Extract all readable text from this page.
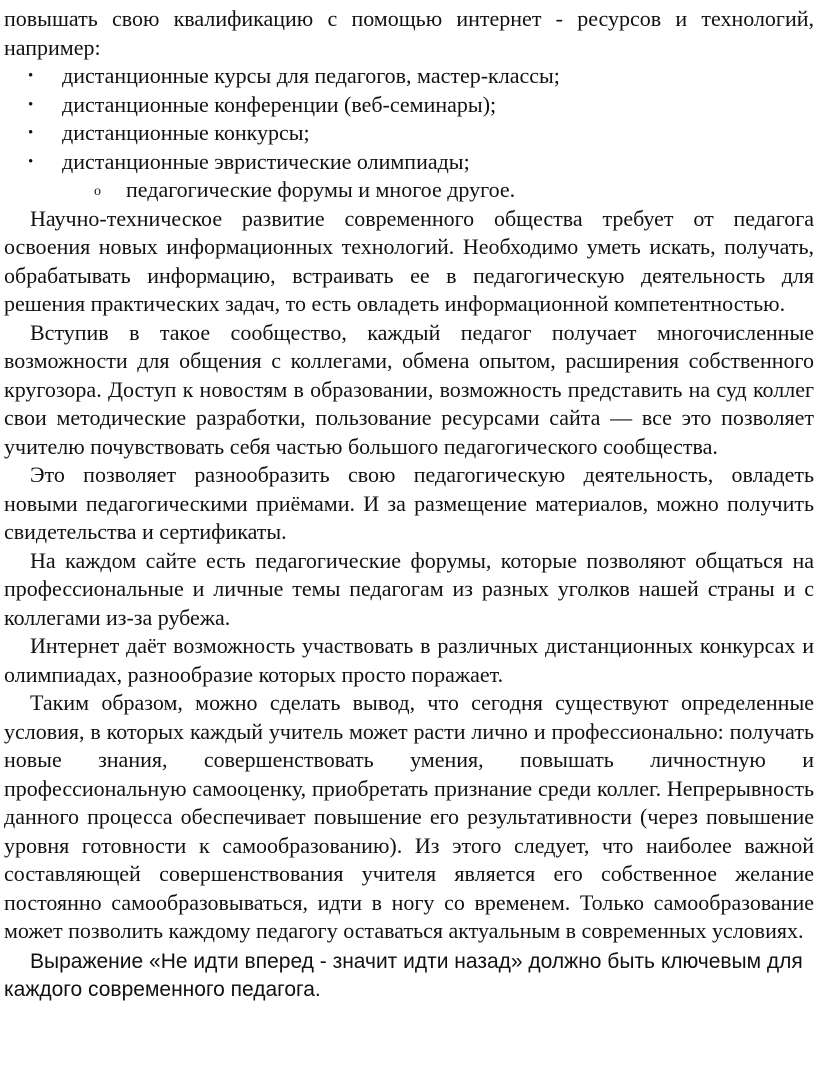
повышать свою квалификацию с помощью интернет - ресурсов и технологий, например:

• дистанционные курсы для педагогов, мастер-классы;
• дистанционные конференции (веб-семинары);
• дистанционные конкурсы;
• дистанционные эвристические олимпиады;
o педагогические форумы и многое другое.

Научно-техническое развитие современного общества требует от педагога освоения новых информационных технологий. Необходимо уметь искать, получать, обрабатывать информацию, встраивать ее в педагогическую деятельность для решения практических задач, то есть овладеть информационной компетентностью.

Вступив в такое сообщество, каждый педагог получает многочисленные возможности для общения с коллегами, обмена опытом, расширения собственного кругозора. Доступ к новостям в образовании, возможность представить на суд коллег свои методические разработки, пользование ресурсами сайта — все это позволяет учителю почувствовать себя частью большого педагогического сообщества.

Это позволяет разнообразить свою педагогическую деятельность, овладеть новыми педагогическими приёмами. И за размещение материалов, можно получить свидетельства и сертификаты.

На каждом сайте есть педагогические форумы, которые позволяют общаться на профессиональные и личные темы педагогам из разных уголков нашей страны и с коллегами из-за рубежа.

Интернет даёт возможность участвовать в различных дистанционных конкурсах и олимпиадах, разнообразие которых просто поражает.

Таким образом, можно сделать вывод, что сегодня существуют определенные условия, в которых каждый учитель может расти лично и профессионально: получать новые знания, совершенствовать умения, повышать личностную и профессиональную самооценку, приобретать признание среди коллег. Непрерывность данного процесса обеспечивает повышение его результативности (через повышение уровня готовности к самообразованию). Из этого следует, что наиболее важной составляющей совершенствования учителя является его собственное желание постоянно самообразовываться, идти в ногу со временем. Только самообразование может позволить каждому педагогу оставаться актуальным в современных условиях.

Выражение «Не идти вперед - значит идти назад» должно быть ключевым для каждого современного педагога.
